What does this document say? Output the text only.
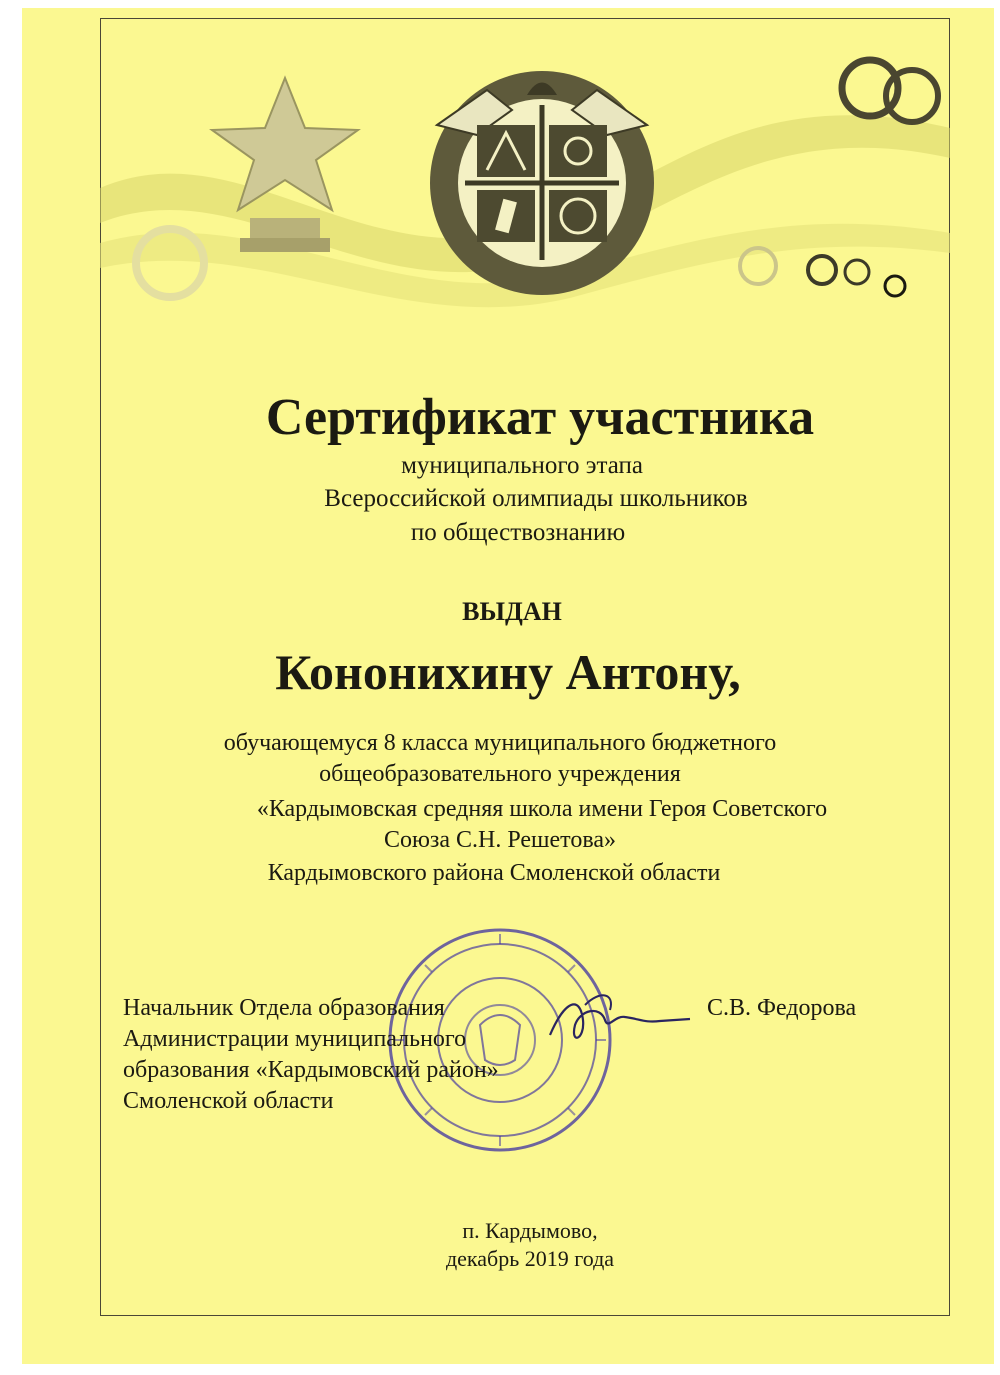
Сертификат участника
муниципального этапа
Всероссийской олимпиады школьников
по обществознанию
ВЫДАН
Кононихину Антону,
обучающемуся 8 класса муниципального бюджетного
общеобразовательного учреждения
«Кардымовская средняя школа имени Героя Советского
Союза С.Н. Решетова»
Кардымовского района Смоленской области
Начальник Отдела образования
Администрации муниципального
образования «Кардымовский район»
Смоленской области
С.В. Федорова
п. Кардымово,
декабрь 2019 года
